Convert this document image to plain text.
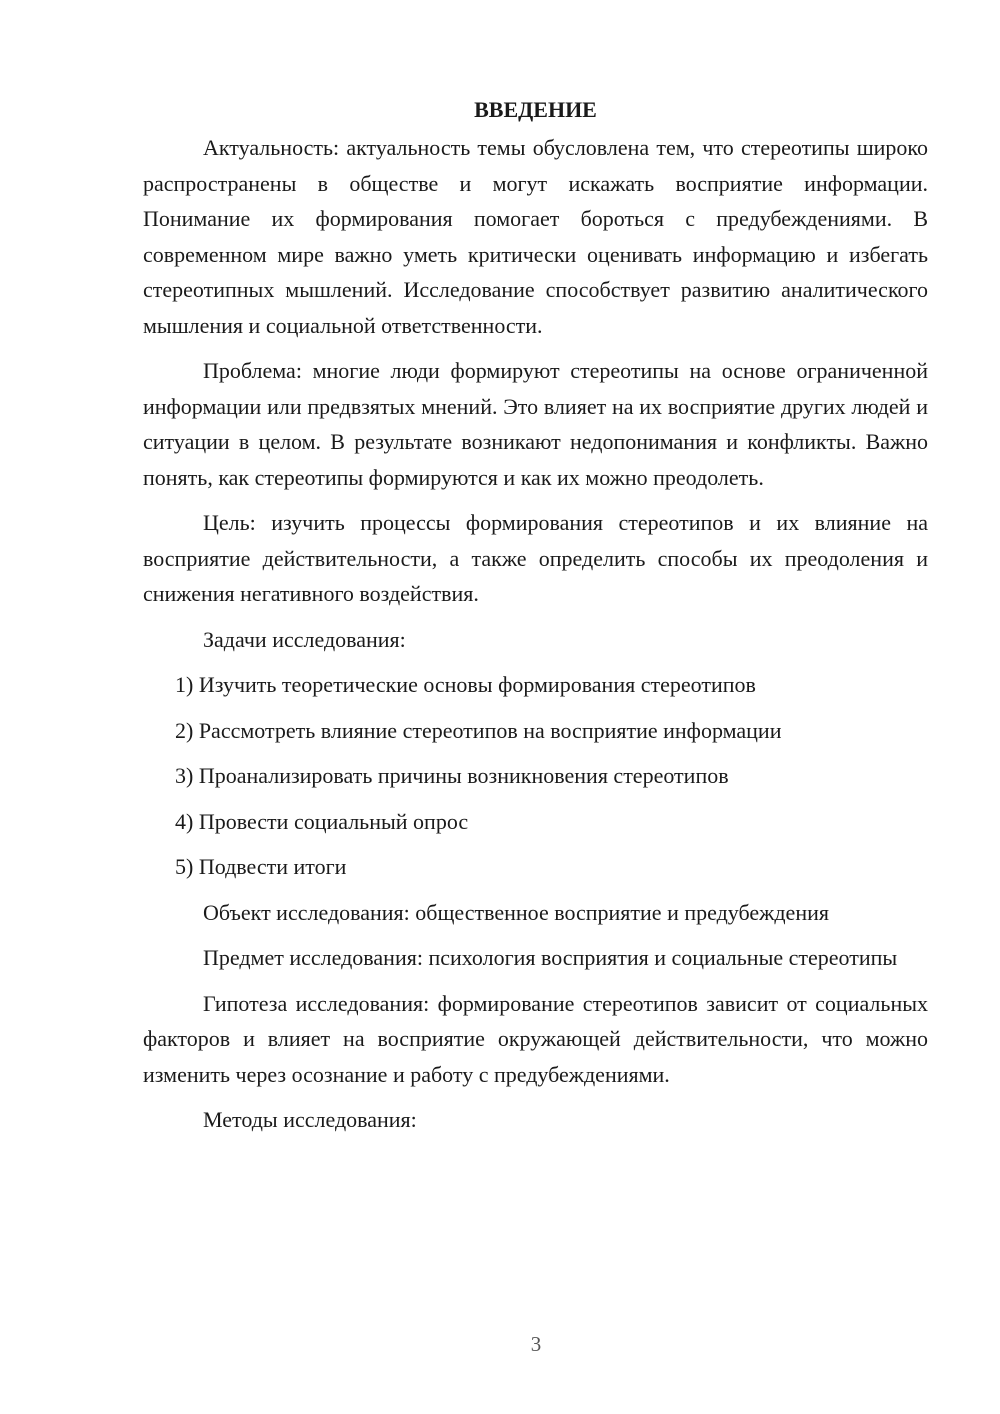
ВВЕДЕНИЕ

Актуальность: актуальность темы обусловлена тем, что стереотипы широко распространены в обществе и могут искажать восприятие информации. Понимание их формирования помогает бороться с предубеждениями. В современном мире важно уметь критически оценивать информацию и избегать стереотипных мышлений. Исследование способствует развитию аналитического мышления и социальной ответственности.

Проблема: многие люди формируют стереотипы на основе ограниченной информации или предвзятых мнений. Это влияет на их восприятие других людей и ситуации в целом. В результате возникают недопонимания и конфликты. Важно понять, как стереотипы формируются и как их можно преодолеть.

Цель: изучить процессы формирования стереотипов и их влияние на восприятие действительности, а также определить способы их преодоления и снижения негативного воздействия.

Задачи исследования:

1) Изучить теоретические основы формирования стереотипов
2) Рассмотреть влияние стереотипов на восприятие информации
3) Проанализировать причины возникновения стереотипов
4) Провести социальный опрос
5) Подвести итоги

Объект исследования: общественное восприятие и предубеждения

Предмет исследования: психология восприятия и социальные стереотипы

Гипотеза исследования: формирование стереотипов зависит от социальных факторов и влияет на восприятие окружающей действительности, что можно изменить через осознание и работу с предубеждениями.

Методы исследования:

3
